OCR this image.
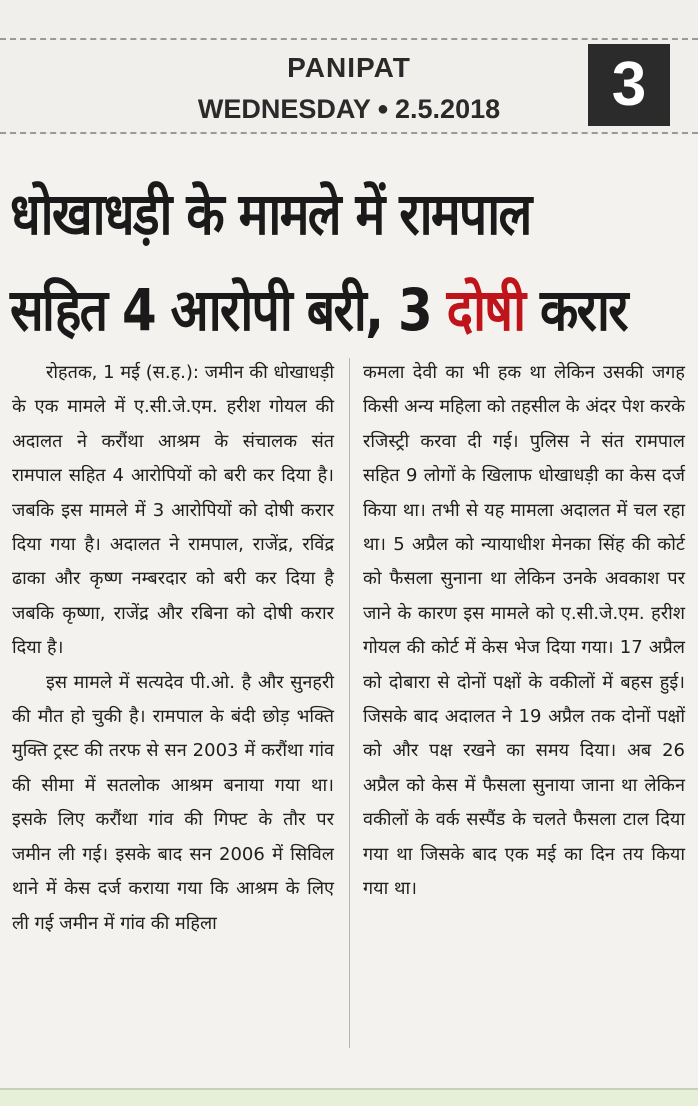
PANIPAT
WEDNESDAY ● 2.5.2018	3
धोखाधड़ी के मामले में रामपाल
सहित 4 आरोपी बरी, 3 दोषी करार

रोहतक, 1 मई (स.ह.): जमीन की धोखाधड़ी के एक मामले में ए.सी.जे.एम. हरीश गोयल की अदालत ने करौंथा आश्रम के संचालक संत रामपाल सहित 4 आरोपियों को बरी कर दिया है। जबकि इस मामले में 3 आरोपियों को दोषी करार दिया गया है। अदालत ने रामपाल, राजेंद्र, रविंद्र ढाका और कृष्ण नम्बरदार को बरी कर दिया है जबकि कृष्णा, राजेंद्र और रबिना को दोषी करार दिया है।

इस मामले में सत्यदेव पी.ओ. है और सुनहरी की मौत हो चुकी है। रामपाल के बंदी छोड़ भक्ति मुक्ति ट्रस्ट की तरफ से सन 2003 में करौंथा गांव की सीमा में सतलोक आश्रम बनाया गया था। इसके लिए करौंथा गांव की गिफ्ट के तौर पर जमीन ली गई। इसके बाद सन 2006 में सिविल थाने में केस दर्ज कराया गया कि आश्रम के लिए ली गई जमीन में गांव की महिला

कमला देवी का भी हक था लेकिन उसकी जगह किसी अन्य महिला को तहसील के अंदर पेश करके रजिस्ट्री करवा दी गई। पुलिस ने संत रामपाल सहित 9 लोगों के खिलाफ धोखाधड़ी का केस दर्ज किया था। तभी से यह मामला अदालत में चल रहा था। 5 अप्रैल को न्यायाधीश मेनका सिंह की कोर्ट को फैसला सुनाना था लेकिन उनके अवकाश पर जाने के कारण इस मामले को ए.सी.जे.एम. हरीश गोयल की कोर्ट में केस भेज दिया गया। 17 अप्रैल को दोबारा से दोनों पक्षों के वकीलों में बहस हुई। जिसके बाद अदालत ने 19 अप्रैल तक दोनों पक्षों को और पक्ष रखने का समय दिया। अब 26 अप्रैल को केस में फैसला सुनाया जाना था लेकिन वकीलों के वर्क सस्पैंड के चलते फैसला टाल दिया गया था जिसके बाद एक मई का दिन तय किया गया था।
